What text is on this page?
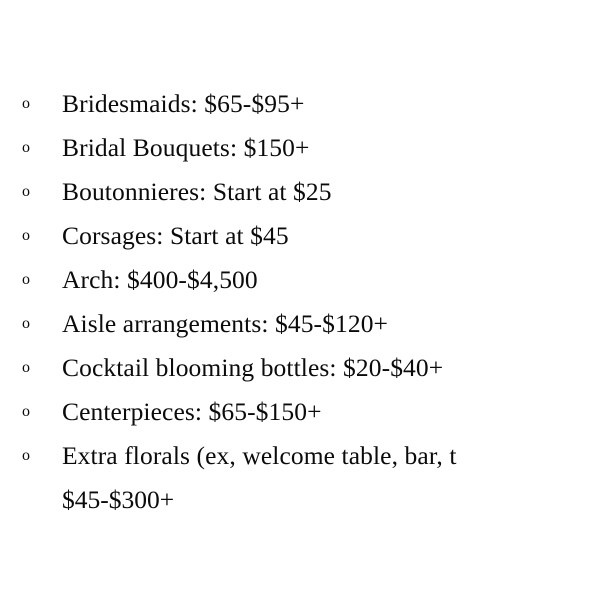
o Bridesmaids: $65-$95+
o Bridal Bouquets: $150+
o Boutonnieres: Start at $25
o Corsages: Start at $45
o Arch: $400-$4,500
o Aisle arrangements: $45-$120+
o Cocktail blooming bottles: $20-$40+
o Centerpieces: $65-$150+
o Extra florals (ex, welcome table, bar, t
$45-$300+
